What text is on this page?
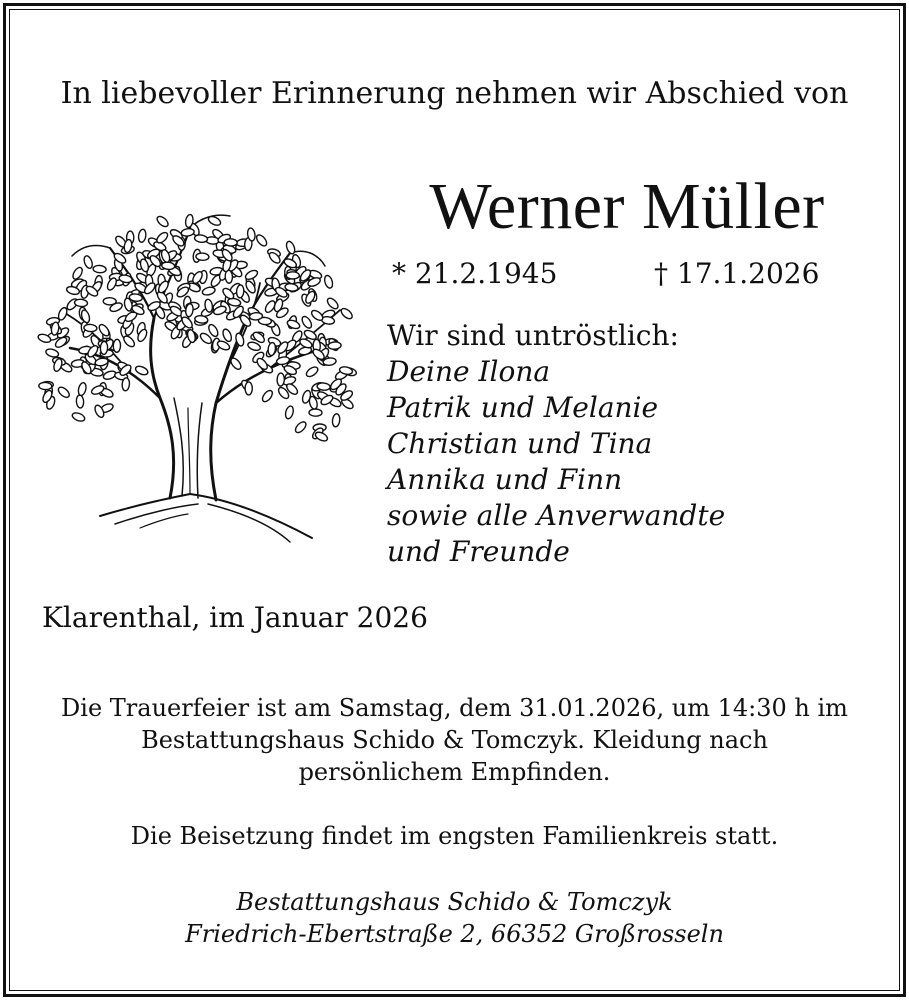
In liebevoller Erinnerung nehmen wir Abschied von
Werner Müller
* 21.2.1945	† 17.1.2026
Wir sind untröstlich:
Deine Ilona
Patrik und Melanie
Christian und Tina
Annika und Finn
sowie alle Anverwandte
und Freunde
Klarenthal, im Januar 2026
Die Trauerfeier ist am Samstag, dem 31.01.2026, um 14:30 h im
Bestattungshaus Schido & Tomczyk. Kleidung nach
persönlichem Empfinden.
Die Beisetzung findet im engsten Familienkreis statt.
Bestattungshaus Schido & Tomczyk
Friedrich-Ebertstraße 2, 66352 Großrosseln
